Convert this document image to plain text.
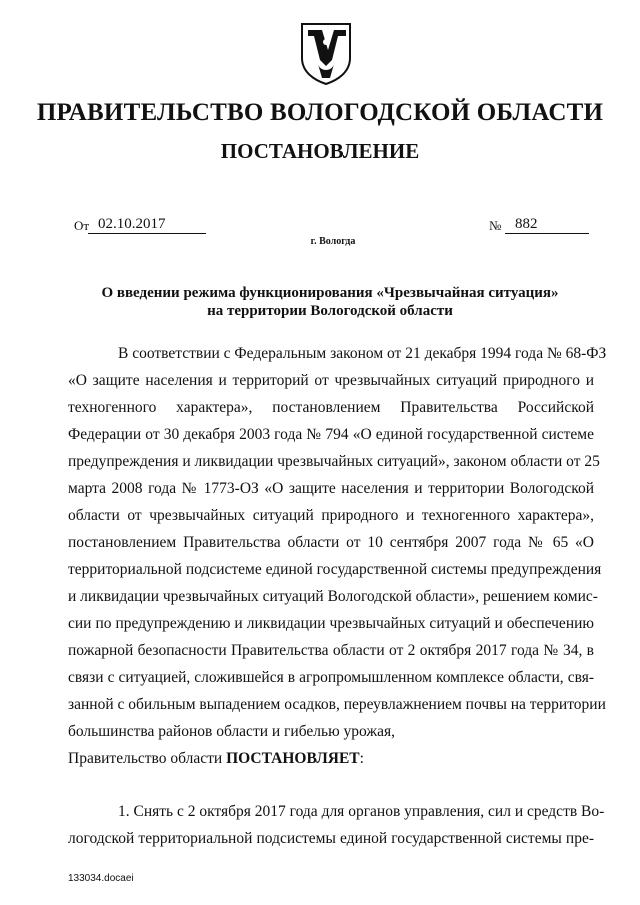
ПРАВИТЕЛЬСТВО ВОЛОГОДСКОЙ ОБЛАСТИ
ПОСТАНОВЛЕНИЕ
От 02.10.2017	№ 882
г. Вологда
О введении режима функционирования «Чрезвычайная ситуация»
на территории Вологодской области
В соответствии с Федеральным законом от 21 декабря 1994 года № 68-ФЗ
«О защите населения и территорий от чрезвычайных ситуаций природного и
техногенного характера», постановлением Правительства Российской
Федерации от 30 декабря 2003 года № 794 «О единой государственной системе
предупреждения и ликвидации чрезвычайных ситуаций», законом области от 25
марта 2008 года № 1773-ОЗ «О защите населения и территории Вологодской
области от чрезвычайных ситуаций природного и техногенного характера»,
постановлением Правительства области от 10 сентября 2007 года № 65 «О
территориальной подсистеме единой государственной системы предупреждения
и ликвидации чрезвычайных ситуаций Вологодской области», решением комис-
сии по предупреждению и ликвидации чрезвычайных ситуаций и обеспечению
пожарной безопасности Правительства области от 2 октября 2017 года № 34, в
связи с ситуацией, сложившейся в агропромышленном комплексе области, свя-
занной с обильным выпадением осадков, переувлажнением почвы на территории
большинства районов области и гибелью урожая,
Правительство области ПОСТАНОВЛЯЕТ:
1. Снять с 2 октября 2017 года для органов управления, сил и средств Во-
логодской территориальной подсистемы единой государственной системы пре-
133034.docaei
